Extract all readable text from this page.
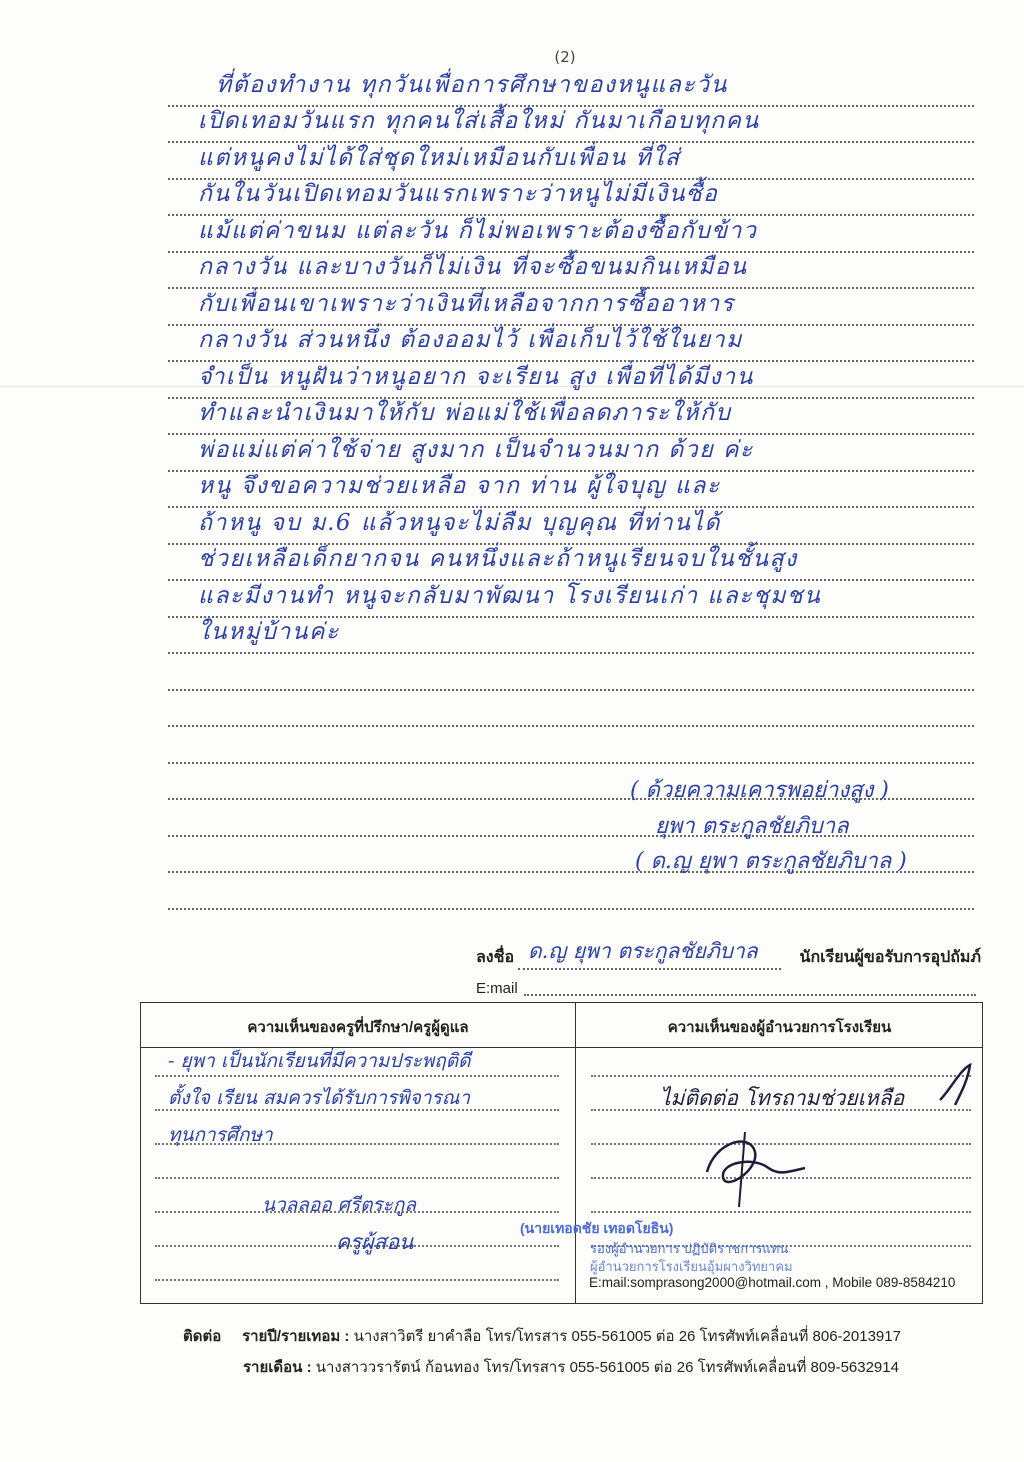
(2)
ที่ต้องทำงาน ทุกวันเพื่อการศึกษาของหนูและวัน
เปิดเทอมวันแรก ทุกคนใส่เสื้อใหม่ กันมาเกือบทุกคน
แต่หนูคงไม่ได้ใส่ชุดใหม่เหมือนกับเพื่อน ที่ใส่
กันในวันเปิดเทอมวันแรกเพราะว่าหนูไม่มีเงินซื้อ
แม้แต่ค่าขนม แต่ละวัน ก็ไม่พอเพราะต้องซื้อกับข้าว
กลางวัน และบางวันก็ไม่เงิน ที่จะซื้อขนมกินเหมือน
กับเพื่อนเขาเพราะว่าเงินที่เหลือจากการซื้ออาหาร
กลางวัน ส่วนหนึ่ง ต้องออมไว้ เพื่อเก็บไว้ใช้ในยาม
จำเป็น หนูฝันว่าหนูอยาก จะเรียน สูง เพื่อที่ได้มีงาน
ทำและนำเงินมาให้กับ พ่อแม่ใช้เพื่อลดภาระให้กับ
พ่อแม่แต่ค่าใช้จ่าย สูงมาก เป็นจำนวนมาก ด้วย ค่ะ
หนู จึงขอความช่วยเหลือ จาก ท่าน ผู้ใจบุญ และ
ถ้าหนู จบ ม.6 แล้วหนูจะไม่ลืม บุญคุณ ที่ท่านได้
ช่วยเหลือเด็กยากจน คนหนึ่งและถ้าหนูเรียนจบในชั้นสูง
และมีงานทำ หนูจะกลับมาพัฒนา โรงเรียนเก่า และชุมชน
ในหมู่บ้านค่ะ
( ด้วยความเคารพอย่างสูง )
ยุพา ตระกูลชัยภิบาล
( ด.ญ ยุพา ตระกูลชัยภิบาล )
ลงชื่อ ด.ญ ยุพา ตระกูลชัยภิบาล	นักเรียนผู้ขอรับการอุปถัมภ์
E:mail
ความเห็นของครูที่ปรึกษา/ครูผู้ดูแล	ความเห็นของผู้อำนวยการโรงเรียน
- ยุพา เป็นนักเรียนที่มีความประพฤติดี
ตั้งใจ เรียน สมควรได้รับการพิจารณา
ทุนการศึกษา
นวลลออ ศรีตระกูล
ครูผู้สอน
ไม่ติดต่อ โทรถามช่วยเหลือ
(นายเทอดชัย เทอดโยธิน)
รองผู้อำนวยการ ปฏิบัติราชการแทน
ผู้อำนวยการโรงเรียนอุ้มผางวิทยาคม
E:mail:somprasong2000@hotmail.com , Mobile 089-8584210
ติดต่อ รายปี/รายเทอม : นางสาวิตรี ยาคำลือ โทร/โทรสาร 055-561005 ต่อ 26 โทรศัพท์เคลื่อนที่ 806-2013917
รายเดือน : นางสาววรารัตน์ ก้อนทอง โทร/โทรสาร 055-561005 ต่อ 26 โทรศัพท์เคลื่อนที่ 809-5632914
